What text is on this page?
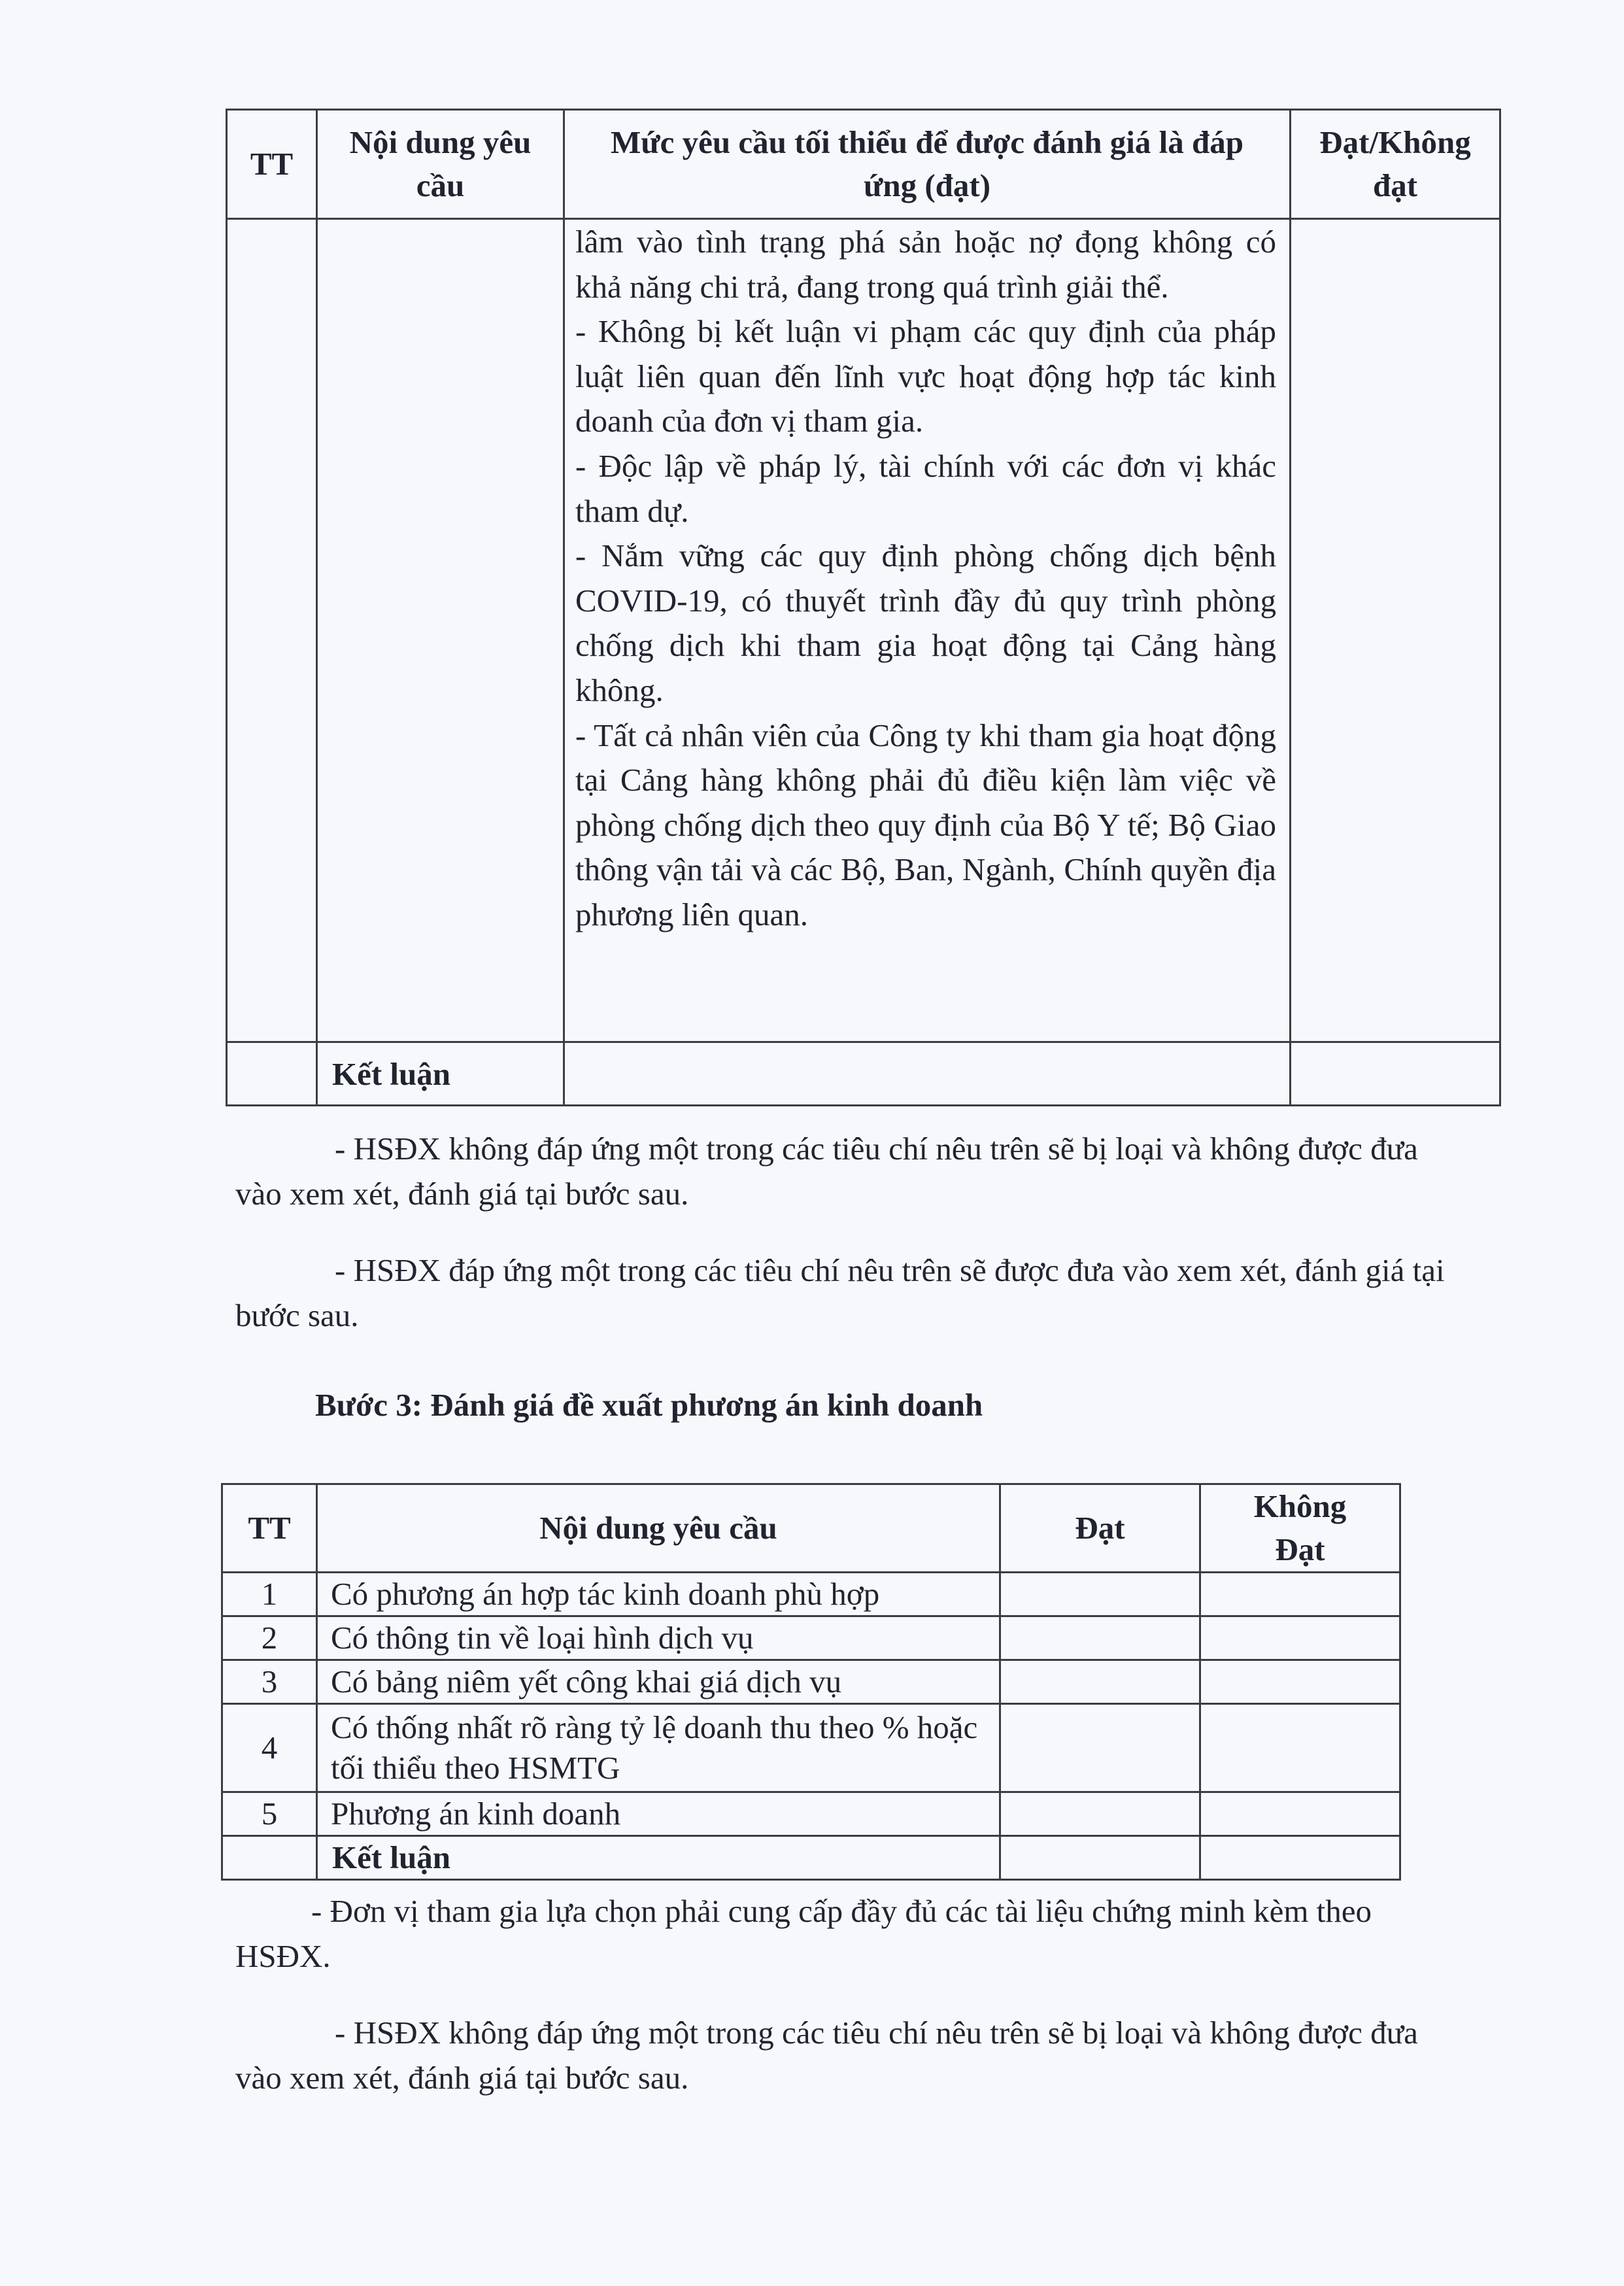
TT	Nội dung yêu cầu	Mức yêu cầu tối thiểu để được đánh giá là đáp ứng (đạt)	Đạt/Không đạt

		lâm vào tình trạng phá sản hoặc nợ đọng không có khả năng chi trả, đang trong quá trình giải thể.

- Không bị kết luận vi phạm các quy định của pháp luật liên quan đến lĩnh vực hoạt động hợp tác kinh doanh của đơn vị tham gia.

- Độc lập về pháp lý, tài chính với các đơn vị khác tham dự.

- Nắm vững các quy định phòng chống dịch bệnh COVID-19, có thuyết trình đầy đủ quy trình phòng chống dịch khi tham gia hoạt động tại Cảng hàng không.

- Tất cả nhân viên của Công ty khi tham gia hoạt động tại Cảng hàng không phải đủ điều kiện làm việc về phòng chống dịch theo quy định của Bộ Y tế; Bộ Giao thông vận tải và các Bộ, Ban, Ngành, Chính quyền địa phương liên quan.	

	Kết luận		

- HSĐX không đáp ứng một trong các tiêu chí nêu trên sẽ bị loại và không được đưa vào xem xét, đánh giá tại bước sau.

- HSĐX đáp ứng một trong các tiêu chí nêu trên sẽ được đưa vào xem xét, đánh giá tại bước sau.

Bước 3: Đánh giá đề xuất phương án kinh doanh

TT	Nội dung yêu cầu	Đạt	Không Đạt
1	Có phương án hợp tác kinh doanh phù hợp		
2	Có thông tin về loại hình dịch vụ		
3	Có bảng niêm yết công khai giá dịch vụ		
4	Có thống nhất rõ ràng tỷ lệ doanh thu theo % hoặc tối thiểu theo HSMTG		
5	Phương án kinh doanh		
	Kết luận		

- Đơn vị tham gia lựa chọn phải cung cấp đầy đủ các tài liệu chứng minh kèm theo HSĐX.

- HSĐX không đáp ứng một trong các tiêu chí nêu trên sẽ bị loại và không được đưa vào xem xét, đánh giá tại bước sau.
